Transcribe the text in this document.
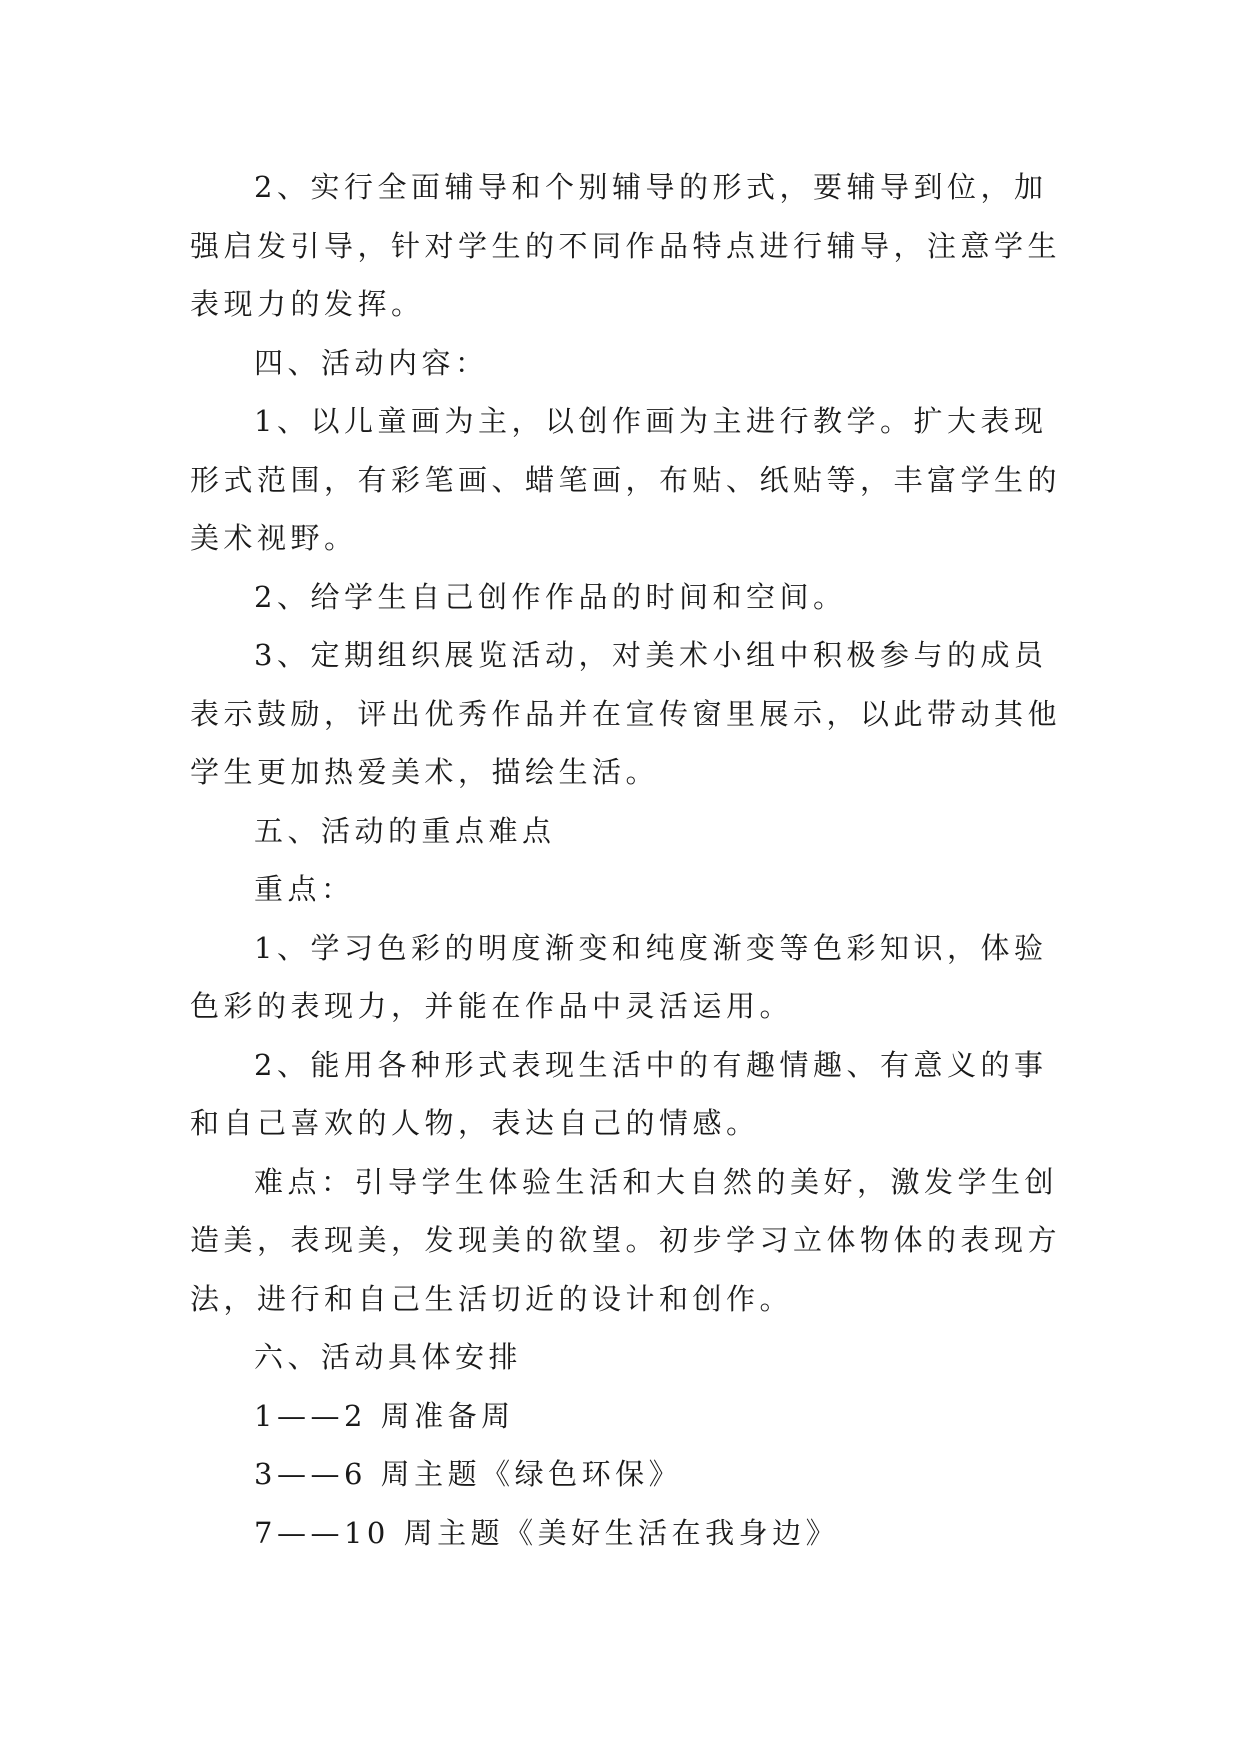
2、实行全面辅导和个别辅导的形式，要辅导到位，加

强启发引导，针对学生的不同作品特点进行辅导，注意学生

表现力的发挥。

四、活动内容：

1、以儿童画为主，以创作画为主进行教学。扩大表现

形式范围，有彩笔画、蜡笔画，布贴、纸贴等，丰富学生的

美术视野。

2、给学生自己创作作品的时间和空间。

3、定期组织展览活动，对美术小组中积极参与的成员

表示鼓励，评出优秀作品并在宣传窗里展示，以此带动其他

学生更加热爱美术，描绘生活。

五、活动的重点难点

重点：

1、学习色彩的明度渐变和纯度渐变等色彩知识，体验

色彩的表现力，并能在作品中灵活运用。

2、能用各种形式表现生活中的有趣情趣、有意义的事

和自己喜欢的人物，表达自己的情感。

难点：引导学生体验生活和大自然的美好，激发学生创

造美，表现美，发现美的欲望。初步学习立体物体的表现方

法，进行和自己生活切近的设计和创作。

六、活动具体安排

1——2 周准备周

3——6 周主题《绿色环保》

7——10 周主题《美好生活在我身边》
